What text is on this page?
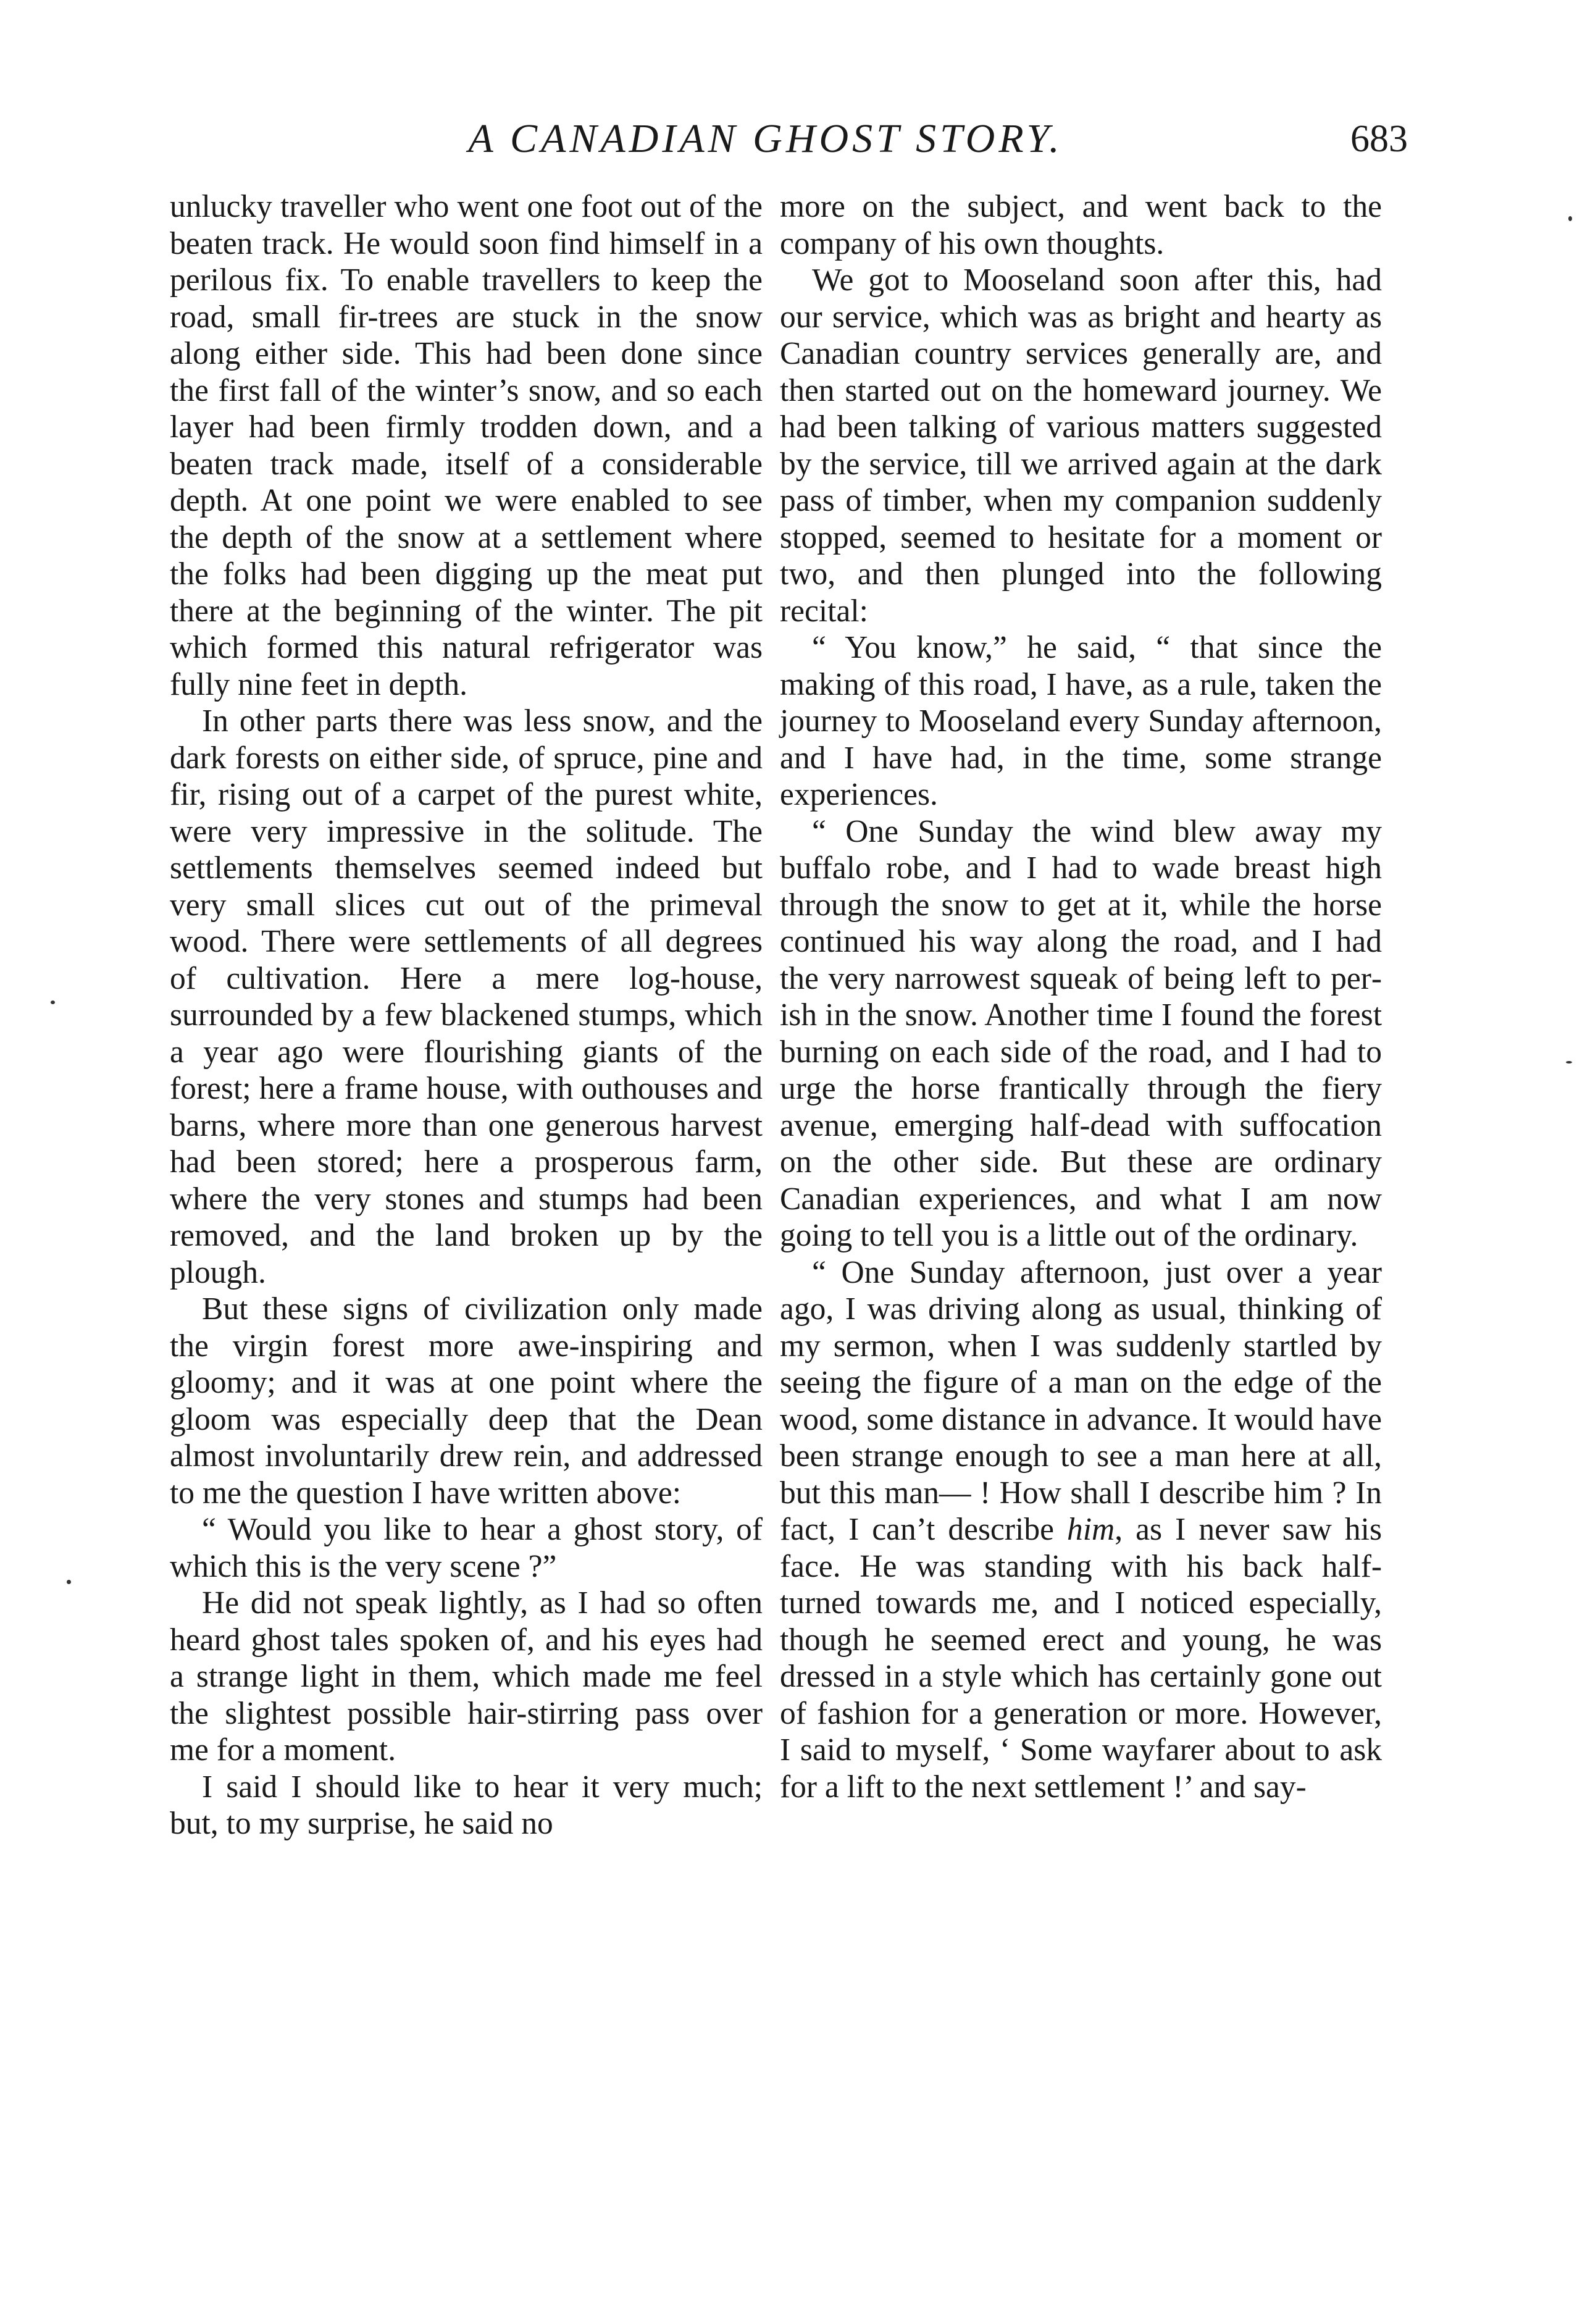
A CANADIAN GHOST STORY.	683

unlucky traveller who went one foot out of the beaten track. He would soon find himself in a perilous fix. To enable travellers to keep the road, small fir-trees are stuck in the snow along either side. This had been done since the first fall of the winter’s snow, and so each layer had been firmly trodden down, and a beaten track made, itself of a considerable depth. At one point we were enabled to see the depth of the snow at a settlement where the folks had been digging up the meat put there at the beginning of the winter. The pit which formed this natural refrigerator was fully nine feet in depth.

In other parts there was less snow, and the dark forests on either side, of spruce, pine and fir, rising out of a carpet of the purest white, were very impressive in the solitude. The settlements themselves seemed indeed but very small slices cut out of the primeval wood. There were settlements of all degrees of cultivation. Here a mere log-house, surrounded by a few blackened stumps, which a year ago were flourishing giants of the forest; here a frame house, with outhouses and barns, where more than one generous harvest had been stored; here a prosperous farm, where the very stones and stumps had been removed, and the land broken up by the plough.

But these signs of civilization only made the virgin forest more awe-inspiring and gloomy; and it was at one point where the gloom was especially deep that the Dean almost involuntarily drew rein, and addressed to me the question I have written above:

“ Would you like to hear a ghost story, of which this is the very scene ?”

He did not speak lightly, as I had so often heard ghost tales spoken of, and his eyes had a strange light in them, which made me feel the slightest possible hair-stirring pass over me for a moment.

I said I should like to hear it very much; but, to my surprise, he said no

more on the subject, and went back to the company of his own thoughts.

We got to Mooseland soon after this, had our service, which was as bright and hearty as Canadian country services generally are, and then started out on the homeward journey. We had been talking of various matters suggested by the service, till we arrived again at the dark pass of timber, when my companion suddenly stopped, seemed to hesitate for a moment or two, and then plunged into the following recital:

“ You know,” he said, “ that since the making of this road, I have, as a rule, taken the journey to Mooseland every Sunday afternoon, and I have had, in the time, some strange experiences.

“ One Sunday the wind blew away my buffalo robe, and I had to wade breast high through the snow to get at it, while the horse continued his way along the road, and I had the very narrowest squeak of being left to perish in the snow. Another time I found the forest burning on each side of the road, and I had to urge the horse frantically through the fiery avenue, emerging half-dead with suffocation on the other side. But these are ordinary Canadian experiences, and what I am now going to tell you is a little out of the ordinary.

“ One Sunday afternoon, just over a year ago, I was driving along as usual, thinking of my sermon, when I was suddenly startled by seeing the figure of a man on the edge of the wood, some distance in advance. It would have been strange enough to see a man here at all, but this man— ! How shall I describe him ? In fact, I can’t describe him, as I never saw his face. He was standing with his back half-turned towards me, and I noticed especially, though he seemed erect and young, he was dressed in a style which has certainly gone out of fashion for a generation or more. However, I said to myself, ‘ Some wayfarer about to ask for a lift to the next settlement !’ and say-
